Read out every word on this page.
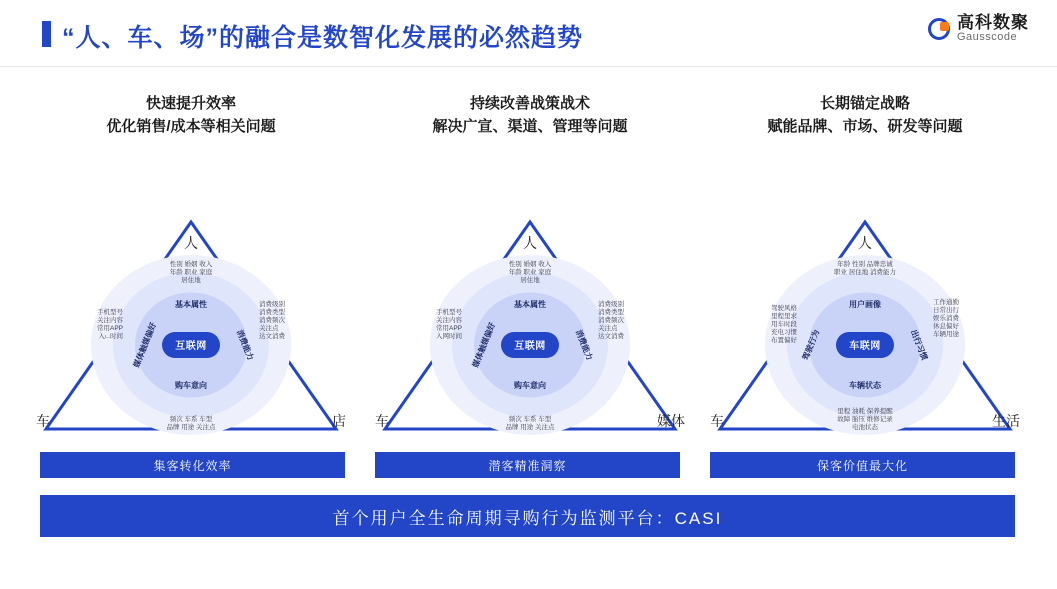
“人、车、场”的融合是数智化发展的必然趋势
高科数聚
Gausscode
快速提升效率
优化销售/成本等相关问题
人
车	店
互联网
基本属性
购车意向
媒体触媒偏好	消费能力
性别 婚姻 收入
年龄 职业 家庭
居住地
频次 车系 车型
品牌 用途 关注点
手机型号
关注内容
常用APP
入ட时间
消费级别
消费类型
消费频次
关注点
达文消费
持续改善战策战术
解决广宣、渠道、管理等问题
人
车	媒体
互联网
基本属性
购车意向
媒体触媒偏好	消费能力
性别 婚姻 收入
年龄 职业 家庭
居住地
频次 车系 车型
品牌 用途 关注点
手机型号
关注内容
常用APP
入网时间
消费级别
消费类型
消费频次
关注点
达文消费
长期锚定战略
赋能品牌、市场、研发等问题
人
车	生活
车联网
用户画像
车辆状态
驾驶行为	出行习惯
年龄 性别 品牌忠诚
职业 居住地 消费能力
里程 油耗 保养提醒
故障 胎压 维修记录
电池状态
驾驶风格
里程里求
用车时段
充电习惯
布置偏好
工作通勤
日常出行
娱乐消费
休息偏好
车辆用途
集客转化效率	潜客精准洞察	保客价值最大化
首个用户全生命周期寻购行为监测平台：CASI
